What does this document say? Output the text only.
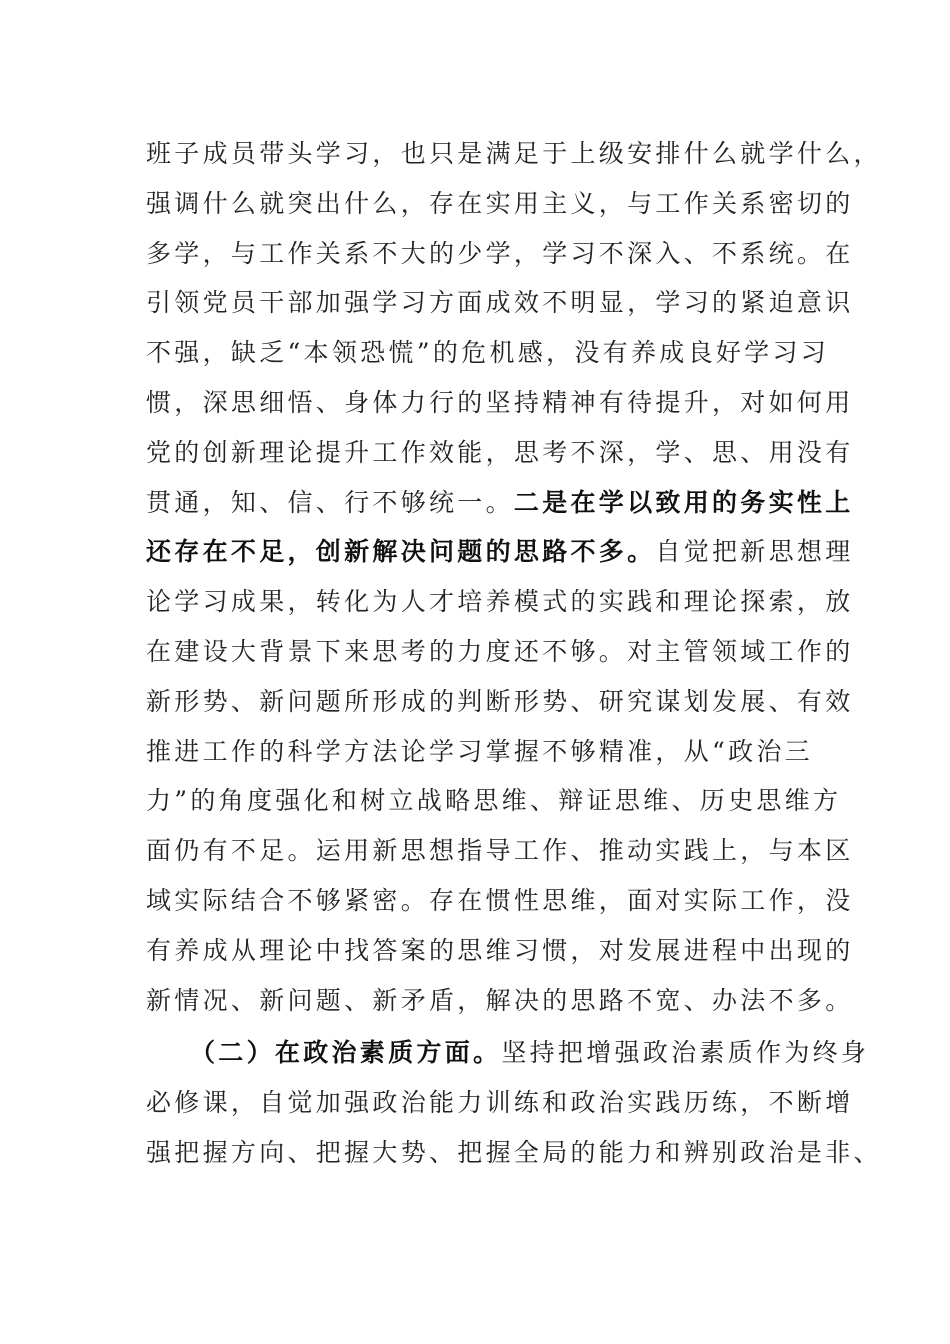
班子成员带头学习，也只是满足于上级安排什么就学什么，
强调什么就突出什么，存在实用主义，与工作关系密切的
多学，与工作关系不大的少学，学习不深入、不系统。在
引领党员干部加强学习方面成效不明显，学习的紧迫意识
不强，缺乏“本领恐慌”的危机感，没有养成良好学习习
惯，深思细悟、身体力行的坚持精神有待提升，对如何用
党的创新理论提升工作效能，思考不深，学、思、用没有
贯通，知、信、行不够统一。二是在学以致用的务实性上
还存在不足，创新解决问题的思路不多。自觉把新思想理
论学习成果，转化为人才培养模式的实践和理论探索，放
在建设大背景下来思考的力度还不够。对主管领域工作的
新形势、新问题所形成的判断形势、研究谋划发展、有效
推进工作的科学方法论学习掌握不够精准，从“政治三
力”的角度强化和树立战略思维、辩证思维、历史思维方
面仍有不足。运用新思想指导工作、推动实践上，与本区
域实际结合不够紧密。存在惯性思维，面对实际工作，没
有养成从理论中找答案的思维习惯，对发展进程中出现的
新情况、新问题、新矛盾，解决的思路不宽、办法不多。
（二）在政治素质方面。坚持把增强政治素质作为终身
必修课，自觉加强政治能力训练和政治实践历练，不断增
强把握方向、把握大势、把握全局的能力和辨别政治是非、
